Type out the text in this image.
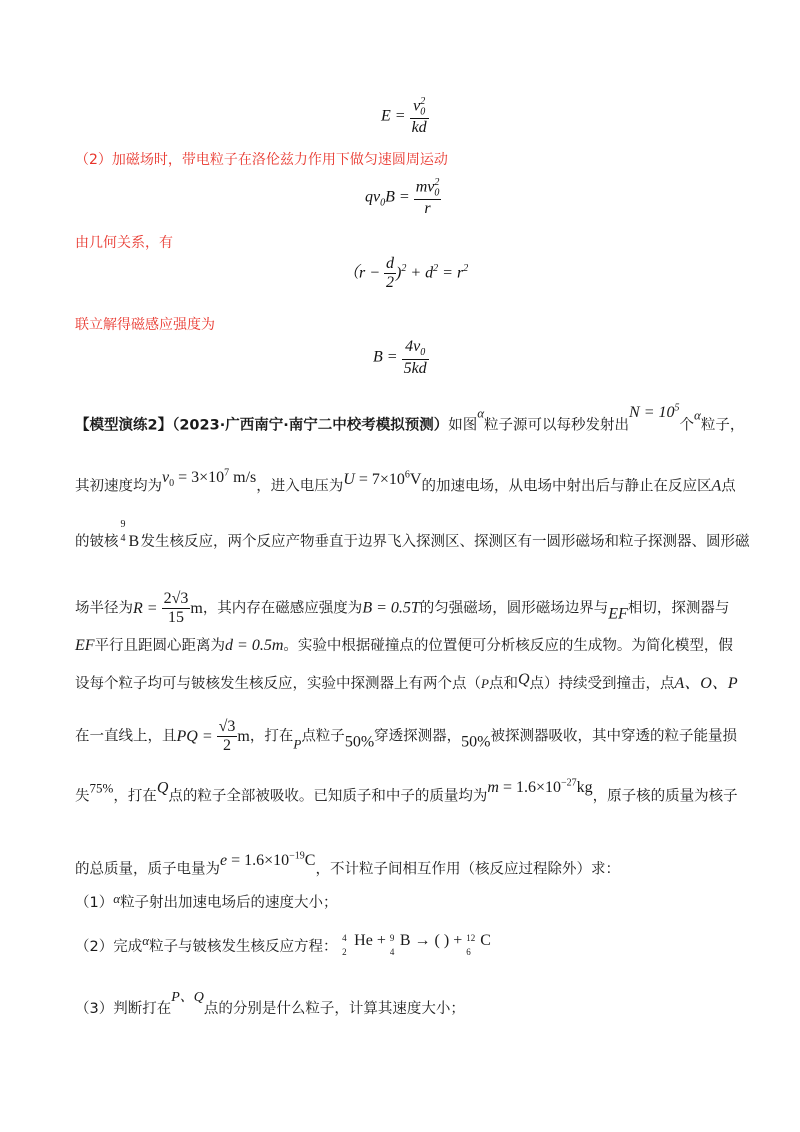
$E = \frac{v_0^2}{kd}$
（2）加磁场时，带电粒子在洛伦兹力作用下做匀速圆周运动
$qv_0B = \frac{mv_0^2}{r}$
由几何关系，有
$(r - \frac{d}{2} )^2 + d^2 = r^2$
联立解得磁感应强度为
$B = \frac{4v_0}{5kd}$
【模型演练2】（2023·广西南宁·南宁二中校考模拟预测）如图$^\alpha$粒子源可以每秒发射出$N = 10^5$个$^\alpha$粒子，
其初速度均为$v_0 = 3\times 10^7$ m/s，进入电压为$U = 7\times 10^6V$的加速电场，从电场中射出后与静止在反应区A点
的铍核
9
4 B发生核反应，两个反应产物垂直于边界飞入探测区、探测区有一圆形磁场和粒子探测器、圆形磁
场半径为$R = \frac{2√3}{15}$ m，其内存在磁感应强度为B = 0.5T的匀强磁场，圆形磁场边界与EF相切，探测器与
EF平行且距圆心距离为d = 0.5m。实验中根据碰撞点的位置便可分析核反应的生成物。为简化模型，假
设每个粒子均可与铍核发生核反应，实验中探测器上有两个点（P点和Q点）持续受到撞击，点A、O、P
在一直线上，且PQ = $\frac{√3}{2}$ m，打在P点粒子50%穿透探测器，50%被探测器吸收，其中穿透的粒子能量损
失75%，打在Q点的粒子全部被吸收。已知质子和中子的质量均为$m = 1.6\times 10^{-27}kg$，原子核的质量为核子
的总质量，质子电量为$e = 1.6\times 10^{-19}C$，不计粒子间相互作用（核反应过程除外）求：
$(1)^\alpha$粒子射出加速电场后的速度大小；
（2）完成$^\alpha$粒子与铍核发生核反应方程：
4
2
He + 9
4
B → ( ) + 12
6
C
（3）判断打在P、Q点的分别是什么粒子，计算其速度大小；
